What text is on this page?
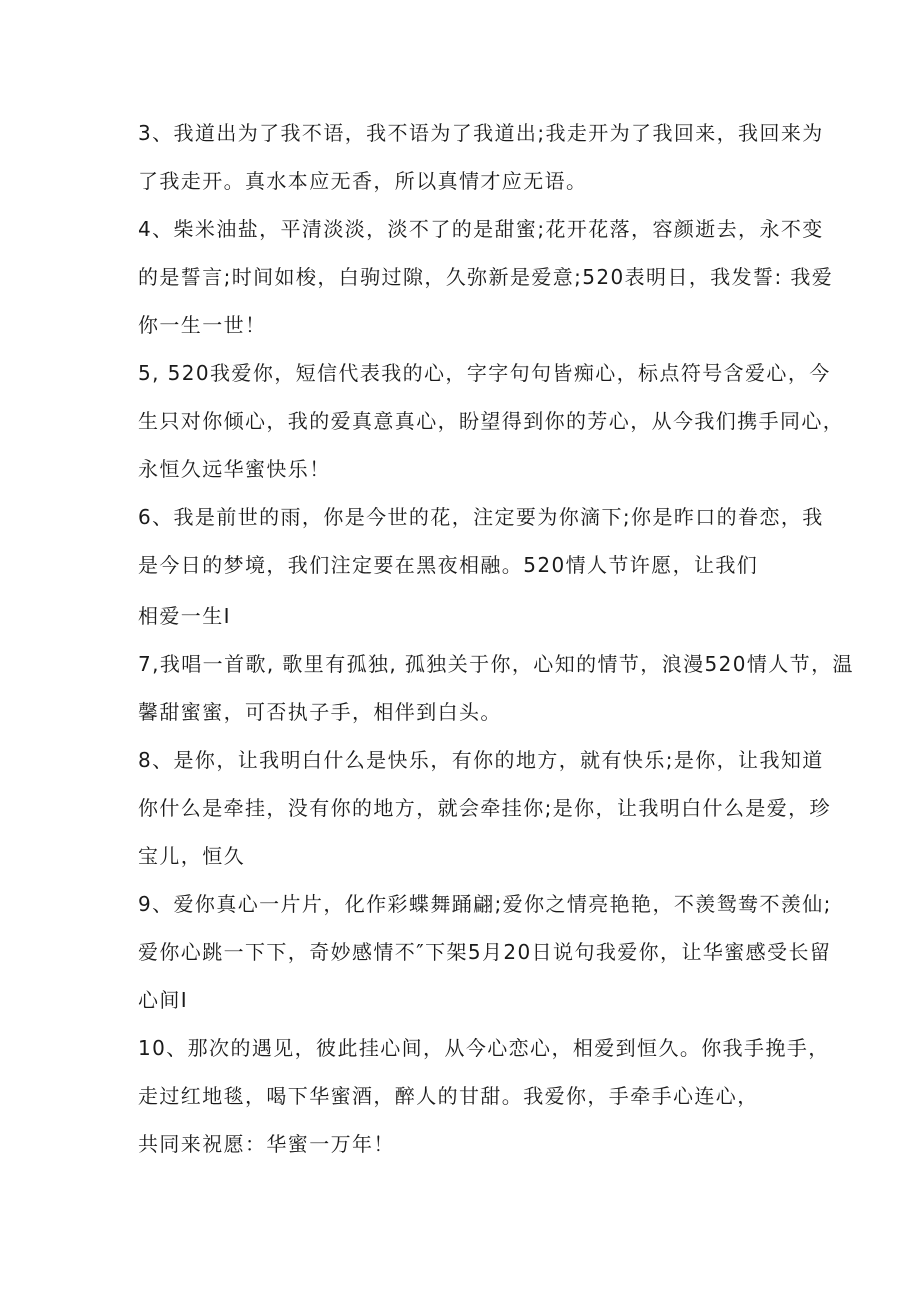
3、我道出为了我不语，我不语为了我道出;我走开为了我回来，我回来为
了我走开。真水本应无香，所以真情才应无语。
4、柴米油盐，平清淡淡，淡不了的是甜蜜;花开花落，容颜逝去，永不变
的是誓言;时间如梭，白驹过隙，久弥新是爱意;520表明日，我发誓: 我爱
你一生一世！
5, 520我爱你，短信代表我的心，字字句句皆痴心，标点符号含爱心，今
生只对你倾心，我的爱真意真心，盼望得到你的芳心，从今我们携手同心，
永恒久远华蜜快乐！
6、我是前世的雨，你是今世的花，注定要为你滴下;你是昨口的眷恋，我
是今日的梦境，我们注定要在黑夜相融。520情人节许愿，让我们
相爱一生I
7,我唱一首歌, 歌里有孤独, 孤独关于你，心知的情节，浪漫520情人节，温
馨甜蜜蜜，可否执子手，相伴到白头。
8、是你，让我明白什么是快乐，有你的地方，就有快乐;是你，让我知道
你什么是牵挂，没有你的地方，就会牵挂你;是你，让我明白什么是爱，珍
宝儿，恒久
9、爱你真心一片片，化作彩蝶舞踊翩;爱你之情亮艳艳，不羡鸳鸯不羡仙;
爱你心跳一下下，奇妙感情不″下架5月20日说句我爱你，让华蜜感受长留
心间I
10、那次的遇见，彼此挂心间，从今心恋心，相爱到恒久。你我手挽手，
走过红地毯，喝下华蜜酒，醉人的甘甜。我爱你，手牵手心连心，
共同来祝愿：华蜜一万年！
